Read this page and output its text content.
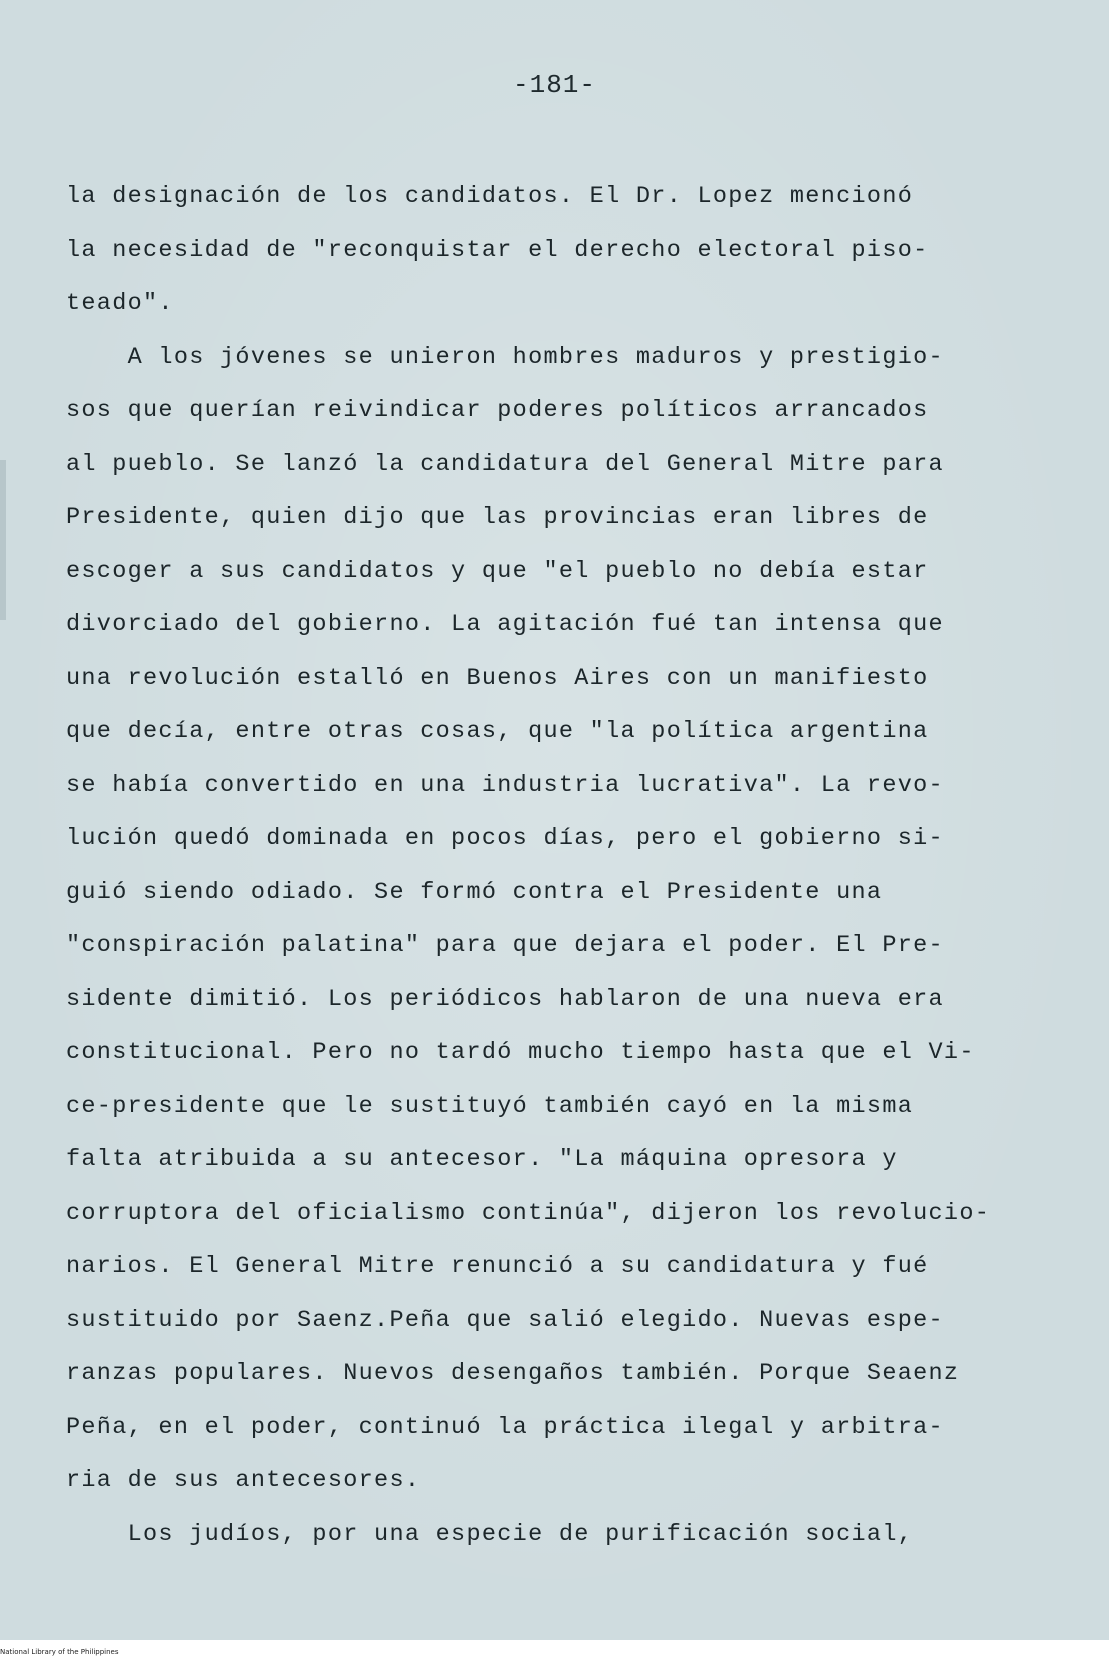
-181-
la designación de los candidatos. El Dr. Lopez mencionó
la necesidad de "reconquistar el derecho electoral piso-
teado".
A los jóvenes se unieron hombres maduros y prestigio-
sos que querían reivindicar poderes políticos arrancados
al pueblo. Se lanzó la candidatura del General Mitre para
Presidente, quien dijo que las provincias eran libres de
escoger a sus candidatos y que "el pueblo no debía estar
divorciado del gobierno. La agitación fué tan intensa que
una revolución estalló en Buenos Aires con un manifiesto
que decía, entre otras cosas, que "la política argentina
se había convertido en una industria lucrativa". La revo-
lución quedó dominada en pocos días, pero el gobierno si-
guió siendo odiado. Se formó contra el Presidente una
"conspiración palatina" para que dejara el poder. El Pre-
sidente dimitió. Los periódicos hablaron de una nueva era
constitucional. Pero no tardó mucho tiempo hasta que el Vi-
ce-presidente que le sustituyó también cayó en la misma
falta atribuida a su antecesor. "La máquina opresora y
corruptora del oficialismo continúa", dijeron los revolucio-
narios. El General Mitre renunció a su candidatura y fué
sustituido por Saenz.Peña que salió elegido. Nuevas espe-
ranzas populares. Nuevos desengaños también. Porque Seaenz
Peña, en el poder, continuó la práctica ilegal y arbitra-
ria de sus antecesores.
Los judíos, por una especie de purificación social,
National Library of the Philippines
